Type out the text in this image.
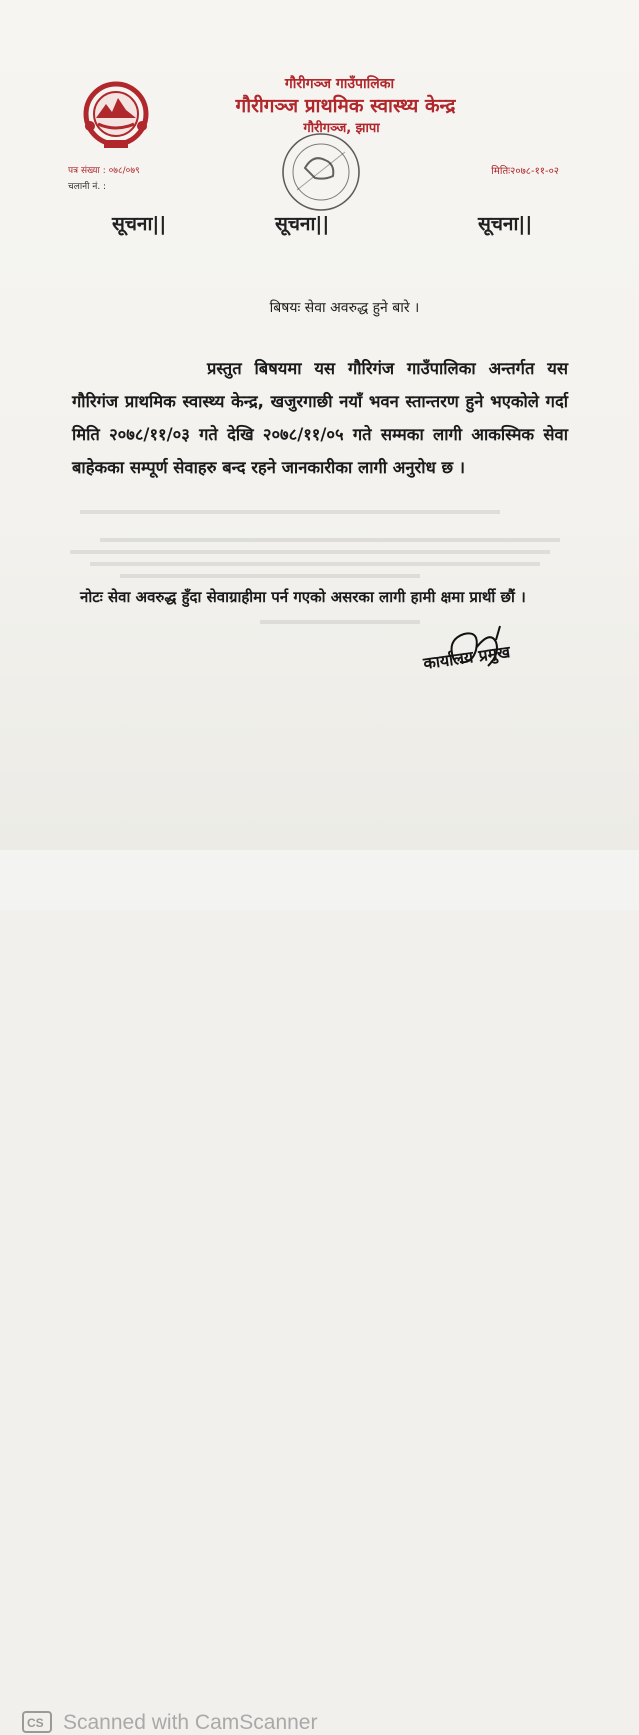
गौरीगञ्ज गाउँपालिका
गौरीगञ्ज प्राथमिक स्वास्थ्य केन्द्र
गौरीगञ्ज, झापा
पत्र संख्या : ०७८/०७९
चलानी नं. :
मितिः२०७८-११-०२
सूचना||	सूचना||	सूचना||
बिषयः सेवा अवरुद्ध हुने बारे ।

प्रस्तुत बिषयमा यस गौरिगंज गाउँपालिका अन्तर्गत यस गौरिगंज प्राथमिक स्वास्थ्य केन्द्र, खजुरगाछी नयाँ भवन स्तान्तरण हुने भएकोले गर्दा मिति २०७८/११/०३ गते देखि २०७८/११/०५ गते सम्मका लागी आकस्मिक सेवा बाहेकका सम्पूर्ण सेवाहरु बन्द रहने जानकारीका लागी अनुरोध छ ।

नोटः सेवा अवरुद्ध हुँदा सेवाग्राहीमा पर्न गएको असरका लागी हामी क्षमा प्रार्थी छौं ।

कार्यालय प्रमुख
CS Scanned with CamScanner
